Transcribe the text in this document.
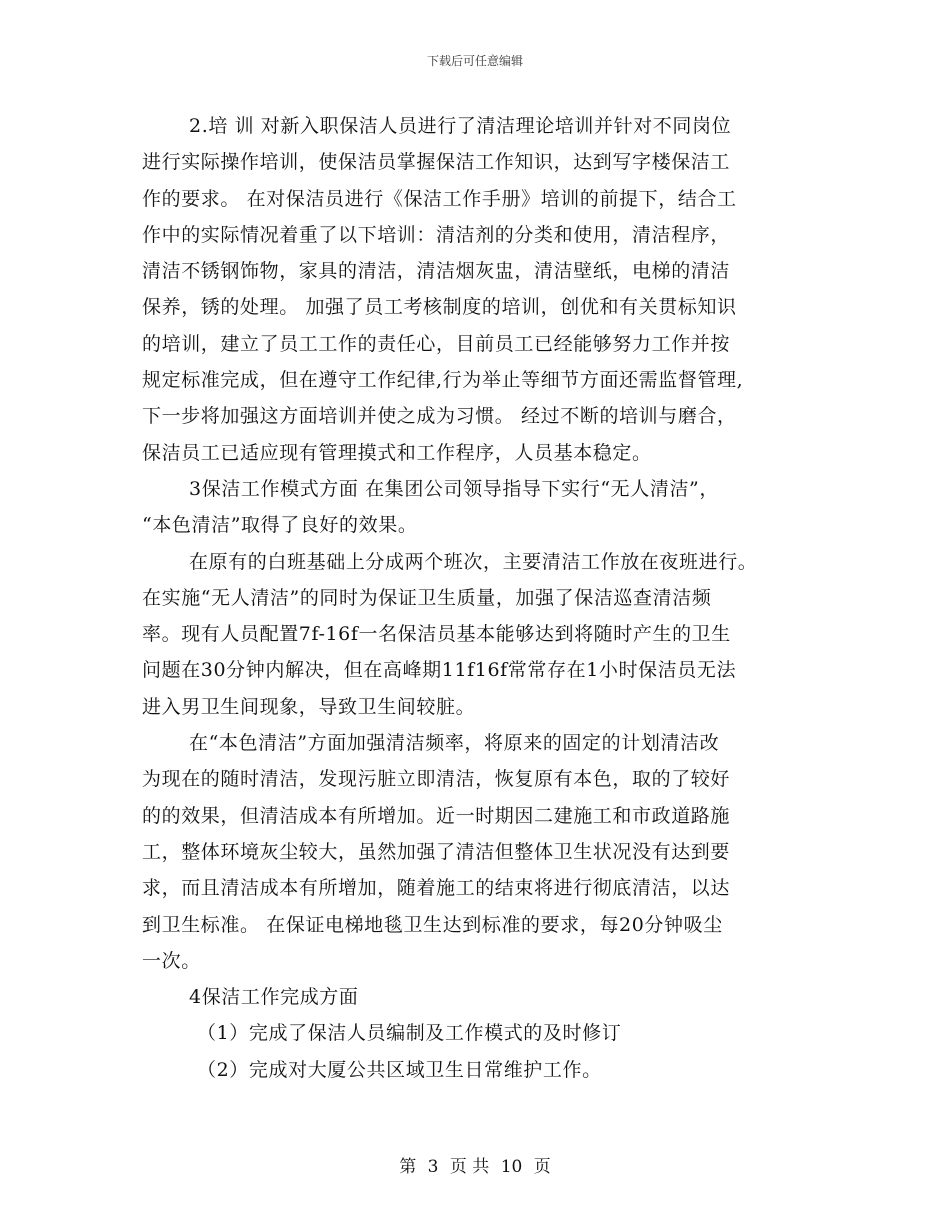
下载后可任意编辑
2.培 训 对新入职保洁人员进行了清洁理论培训并针对不同岗位
进行实际操作培训，使保洁员掌握保洁工作知识，达到写字楼保洁工
作的要求。 在对保洁员进行《保洁工作手册》培训的前提下，结合工
作中的实际情况着重了以下培训：清洁剂的分类和使用，清洁程序，
清洁不锈钢饰物，家具的清洁，清洁烟灰盅，清洁壁纸，电梯的清洁
保养，锈的处理。 加强了员工考核制度的培训，创优和有关贯标知识
的培训，建立了员工工作的责任心，目前员工已经能够努力工作并按
规定标准完成，但在遵守工作纪律,行为举止等细节方面还需监督管理,
下一步将加强这方面培训并使之成为习惯。 经过不断的培训与磨合，
保洁员工已适应现有管理摸式和工作程序，人员基本稳定。
3保洁工作模式方面 在集团公司领导指导下实行“无人清洁”，
“本色清洁”取得了良好的效果。
在原有的白班基础上分成两个班次，主要清洁工作放在夜班进行。
在实施“无人清洁”的同时为保证卫生质量，加强了保洁巡查清洁频
率。现有人员配置7f-16f一名保洁员基本能够达到将随时产生的卫生
问题在30分钟内解决，但在高峰期11f16f常常存在1小时保洁员无法
进入男卫生间现象，导致卫生间较脏。
在“本色清洁”方面加强清洁频率，将原来的固定的计划清洁改
为现在的随时清洁，发现污脏立即清洁，恢复原有本色，取的了较好
的的效果，但清洁成本有所增加。近一时期因二建施工和市政道路施
工，整体环境灰尘较大，虽然加强了清洁但整体卫生状况没有达到要
求，而且清洁成本有所增加，随着施工的结束将进行彻底清洁，以达
到卫生标准。 在保证电梯地毯卫生达到标准的要求，每20分钟吸尘
一次。
4保洁工作完成方面
（1）完成了保洁人员编制及工作模式的及时修订
（2）完成对大厦公共区域卫生日常维护工作。
第 3 页 共 10 页
